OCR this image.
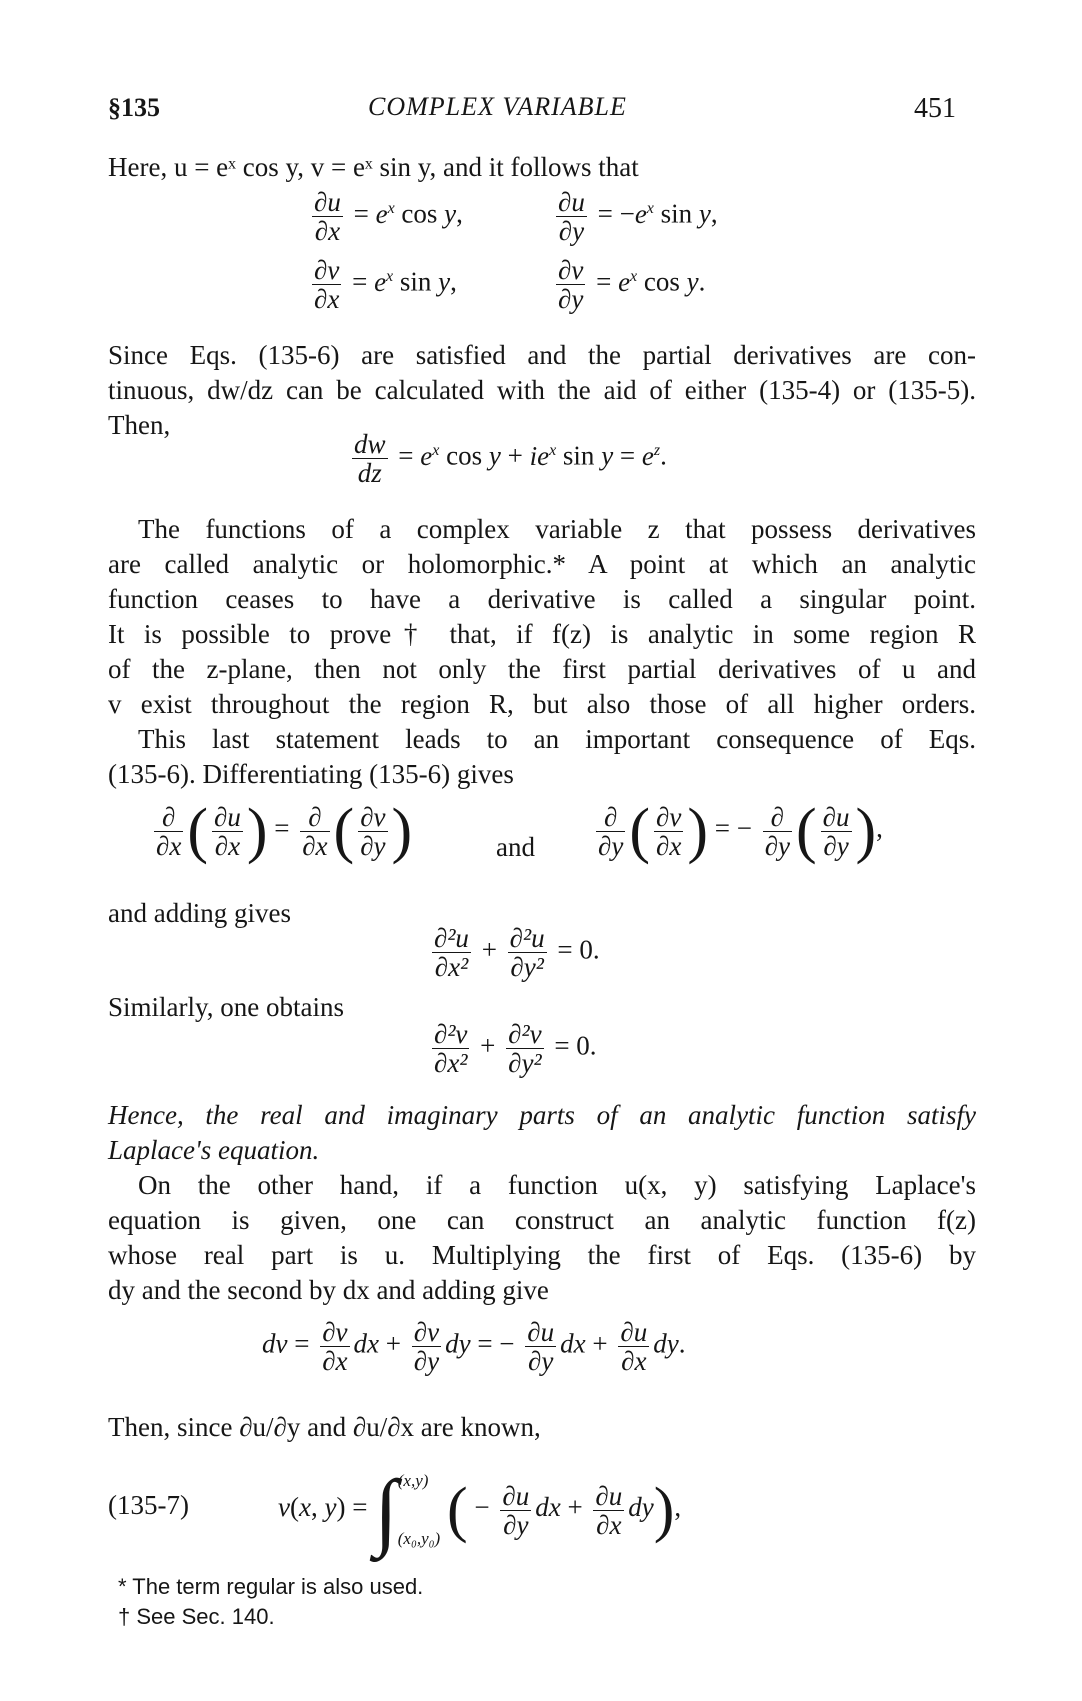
§135	COMPLEX VARIABLE	451
Here, u = eˣ cos y, v = eˣ sin y, and it follows that
$\frac{\partial u}{\partial x} = e^x$ cos y,	$\frac{\partial u}{\partial y} = -e^x$ sin y,
$\frac{\partial v}{\partial x} = e^x$ sin y,	$\frac{\partial v}{\partial y} = e^x$ cos y.
Since Eqs. (135-6) are satisfied and the partial derivatives are con-
tinuous, dw/dz can be calculated with the aid of either (135-4) or (135-5).
Then,
$\frac{dw}{dz} = e^x$ $\cos y + ie^x$ $\sin y = e^z$.
The functions of a complex variable z that possess derivatives
are called analytic or holomorphic.* A point at which an analytic
function ceases to have a derivative is called a singular point.
It is possible to prove† that, if f(z) is analytic in some region R
of the z-plane, then not only the first partial derivatives of u and
v exist throughout the region R, but also those of all higher orders.
This last statement leads to an important consequence of Eqs.
(135-6). Differentiating (135-6) gives
$\frac{\partial}{\partial x}$ ( $\frac{\partial u}{\partial x}$ ) = $\frac{\partial}{\partial x}$ ( $\frac{\partial v}{\partial y}$ )	and $\frac{\partial}{\partial y}$ ( $\frac{\partial v}{\partial x}$ ) = − $\frac{\partial}{\partial y}$ ( $\frac{\partial u}{\partial y}$ ),
and adding gives
$\frac{\text{∂²u}}{\text{∂x²}} + \frac{\text{∂²u}}{\text{∂y²}} = 0$.
Similarly, one obtains
$\frac{\text{∂²v}}{\text{∂x²}} + \frac{\text{∂²v}}{\text{∂y²}} = 0$.
Hence, the real and imaginary parts of an analytic function satisfy
Laplace's equation.
On the other hand, if a function u(x, y) satisfying Laplace's
equation is given, one can construct an analytic function f(z)
whose real part is u. Multiplying the first of Eqs. (135-6) by
dy and the second by dx and adding give
dv = $\frac{\partial v}{\partial x}$ dx + $\frac{\partial v}{\partial y}$ dy = − $\frac{\partial u}{\partial y}$ dx + $\frac{\partial u}{\partial x}$ dy.
Then, since ∂u/∂y and ∂u/∂x are known,
(135-7)	v(x, y) = ∫ (x,y)
(x₀,y₀) ( − $\frac{\partial u}{\partial y}$ dx + $\frac{\partial u}{\partial x} dy$),
* The term regular is also used.
† See Sec. 140.
